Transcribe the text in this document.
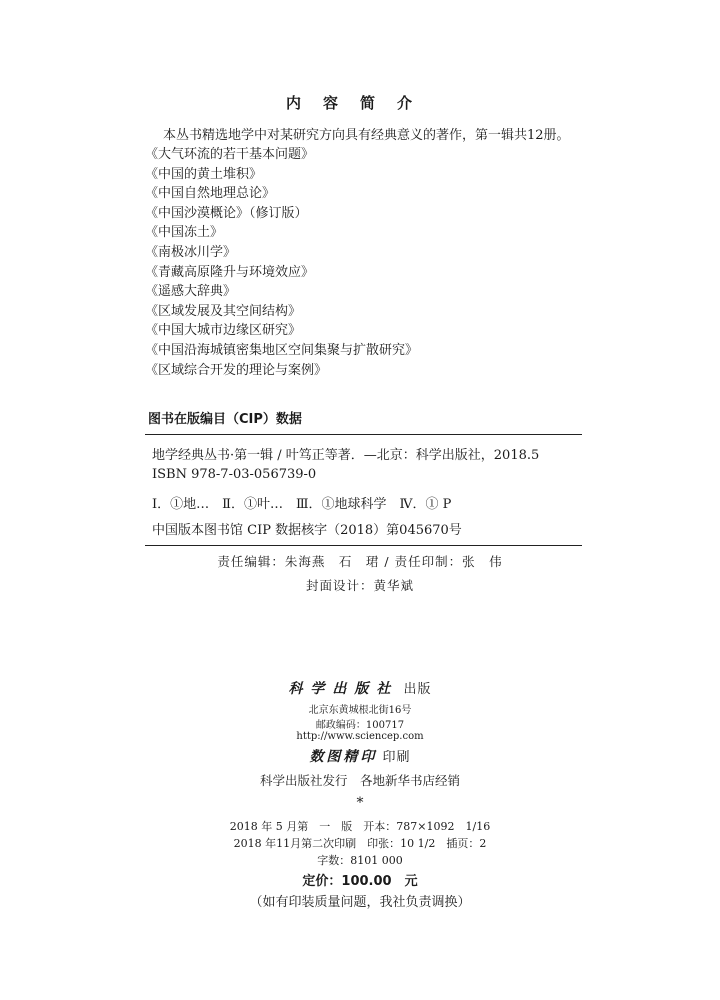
内容简介
本丛书精选地学中对某研究方向具有经典意义的著作，第一辑共12册。
《大气环流的若干基本问题》
《中国的黄土堆积》
《中国自然地理总论》
《中国沙漠概论》（修订版）
《中国冻土》
《南极冰川学》
《青藏高原隆升与环境效应》
《遥感大辞典》
《区域发展及其空间结构》
《中国大城市边缘区研究》
《中国沿海城镇密集地区空间集聚与扩散研究》
《区域综合开发的理论与案例》
图书在版编目（CIP）数据
地学经典丛书·第一辑 / 叶笃正等著．—北京：科学出版社，2018.5
ISBN 978-7-03-056739-0
Ⅰ．①地…　Ⅱ．①叶…　Ⅲ．①地球科学　Ⅳ．① P
中国版本图书馆 CIP 数据核字（2018）第045670号
责任编辑：朱海燕　石　珺 / 责任印制：张　伟
封面设计：黄华斌
科学出版社 出版
北京东黄城根北街16号
邮政编码：100717
http://www.sciencep.com
数图精印 印刷
科学出版社发行　各地新华书店经销
*
2018 年 5 月第　一　版　开本：787×1092　1/16
2018 年11月第二次印刷　印张：10 1/2　插页：2
字数：8101 000
定价：100.00　元
（如有印装质量问题，我社负责调换）
